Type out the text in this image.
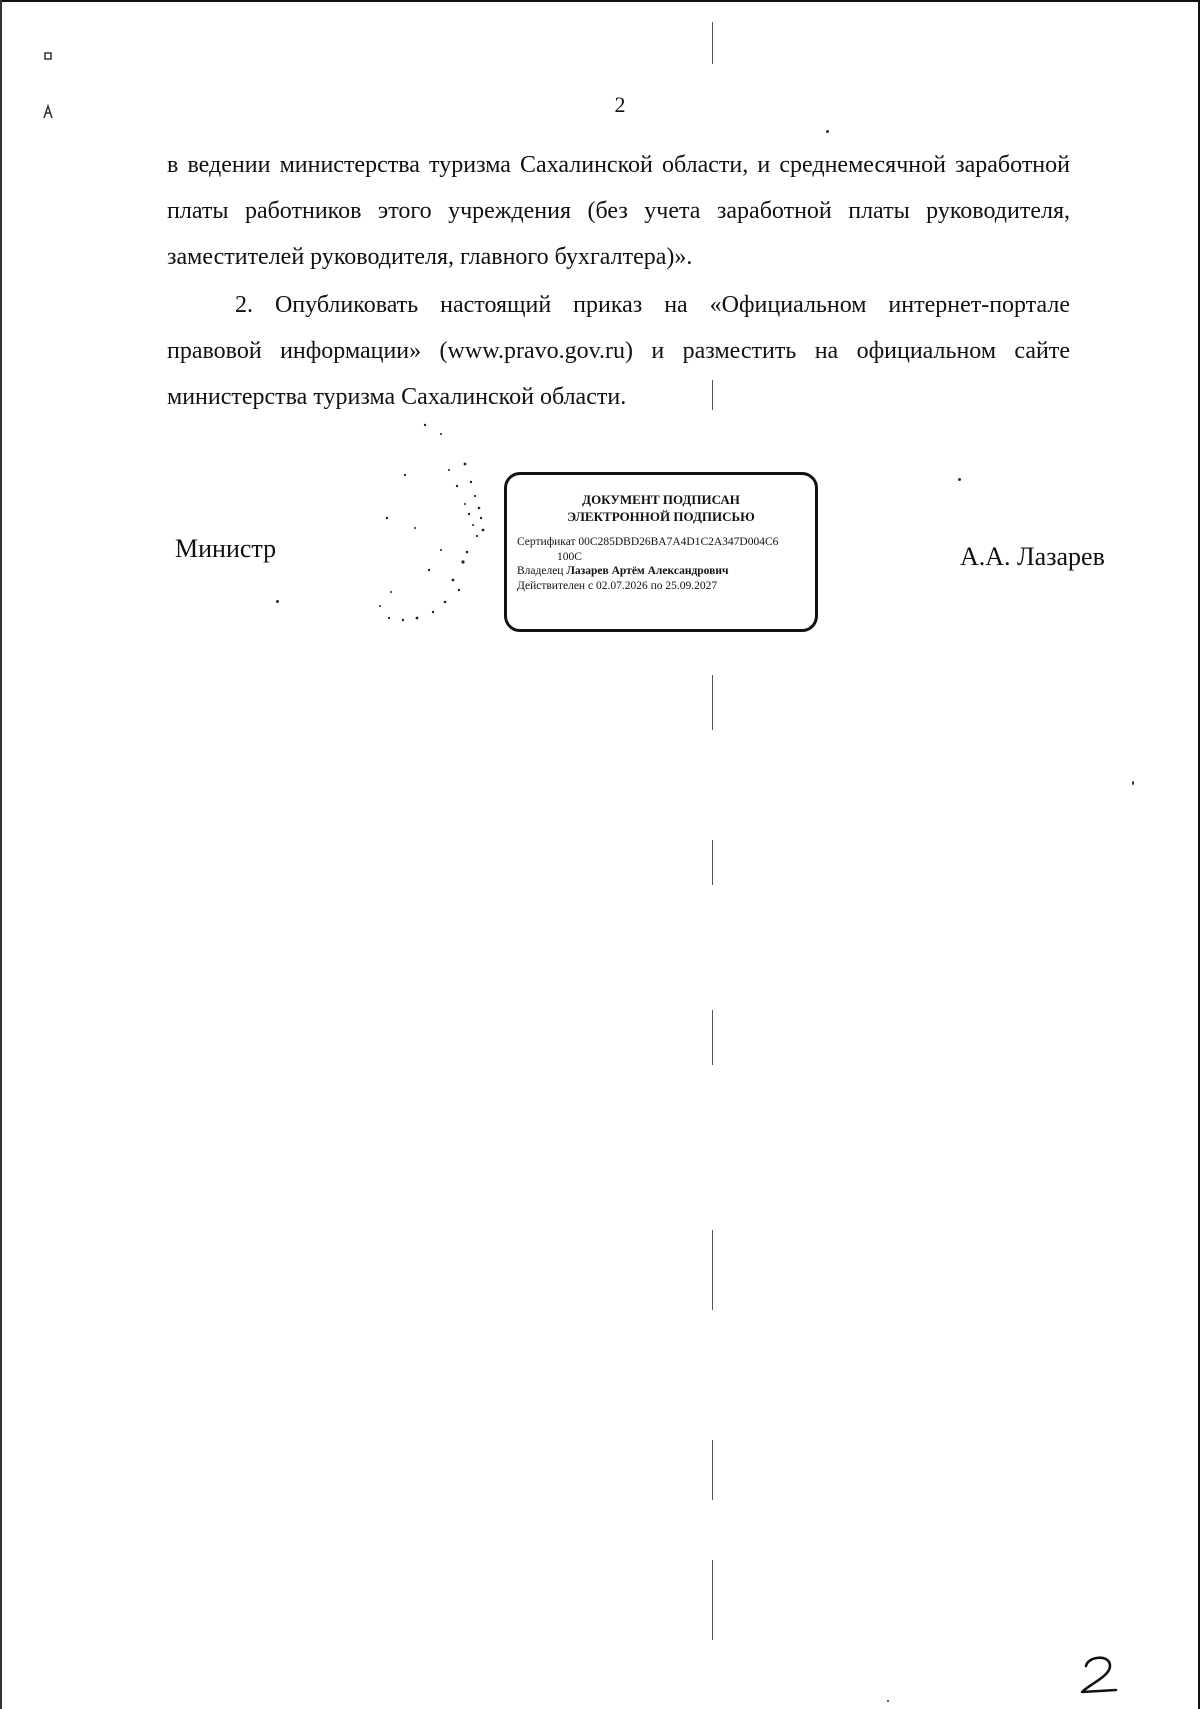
2

в ведении министерства туризма Сахалинской области, и среднемесячной заработной платы работников этого учреждения (без учета заработной платы руководителя, заместителей руководителя, главного бухгалтера)».

2. Опубликовать настоящий приказ на «Официальном интернет-портале правовой информации» (www.pravo.gov.ru) и разместить на официальном сайте министерства туризма Сахалинской области.

Министр
ДОКУМЕНТ ПОДПИСАН
ЭЛЕКТРОННОЙ ПОДПИСЬЮ
Сертификат 00C285DBD26BA7A4D1C2A347D004C6
100C
Владелец Лазарев Артём Александрович
Действителен с 02.07.2026 по 25.09.2027
А.А. Лазарев
